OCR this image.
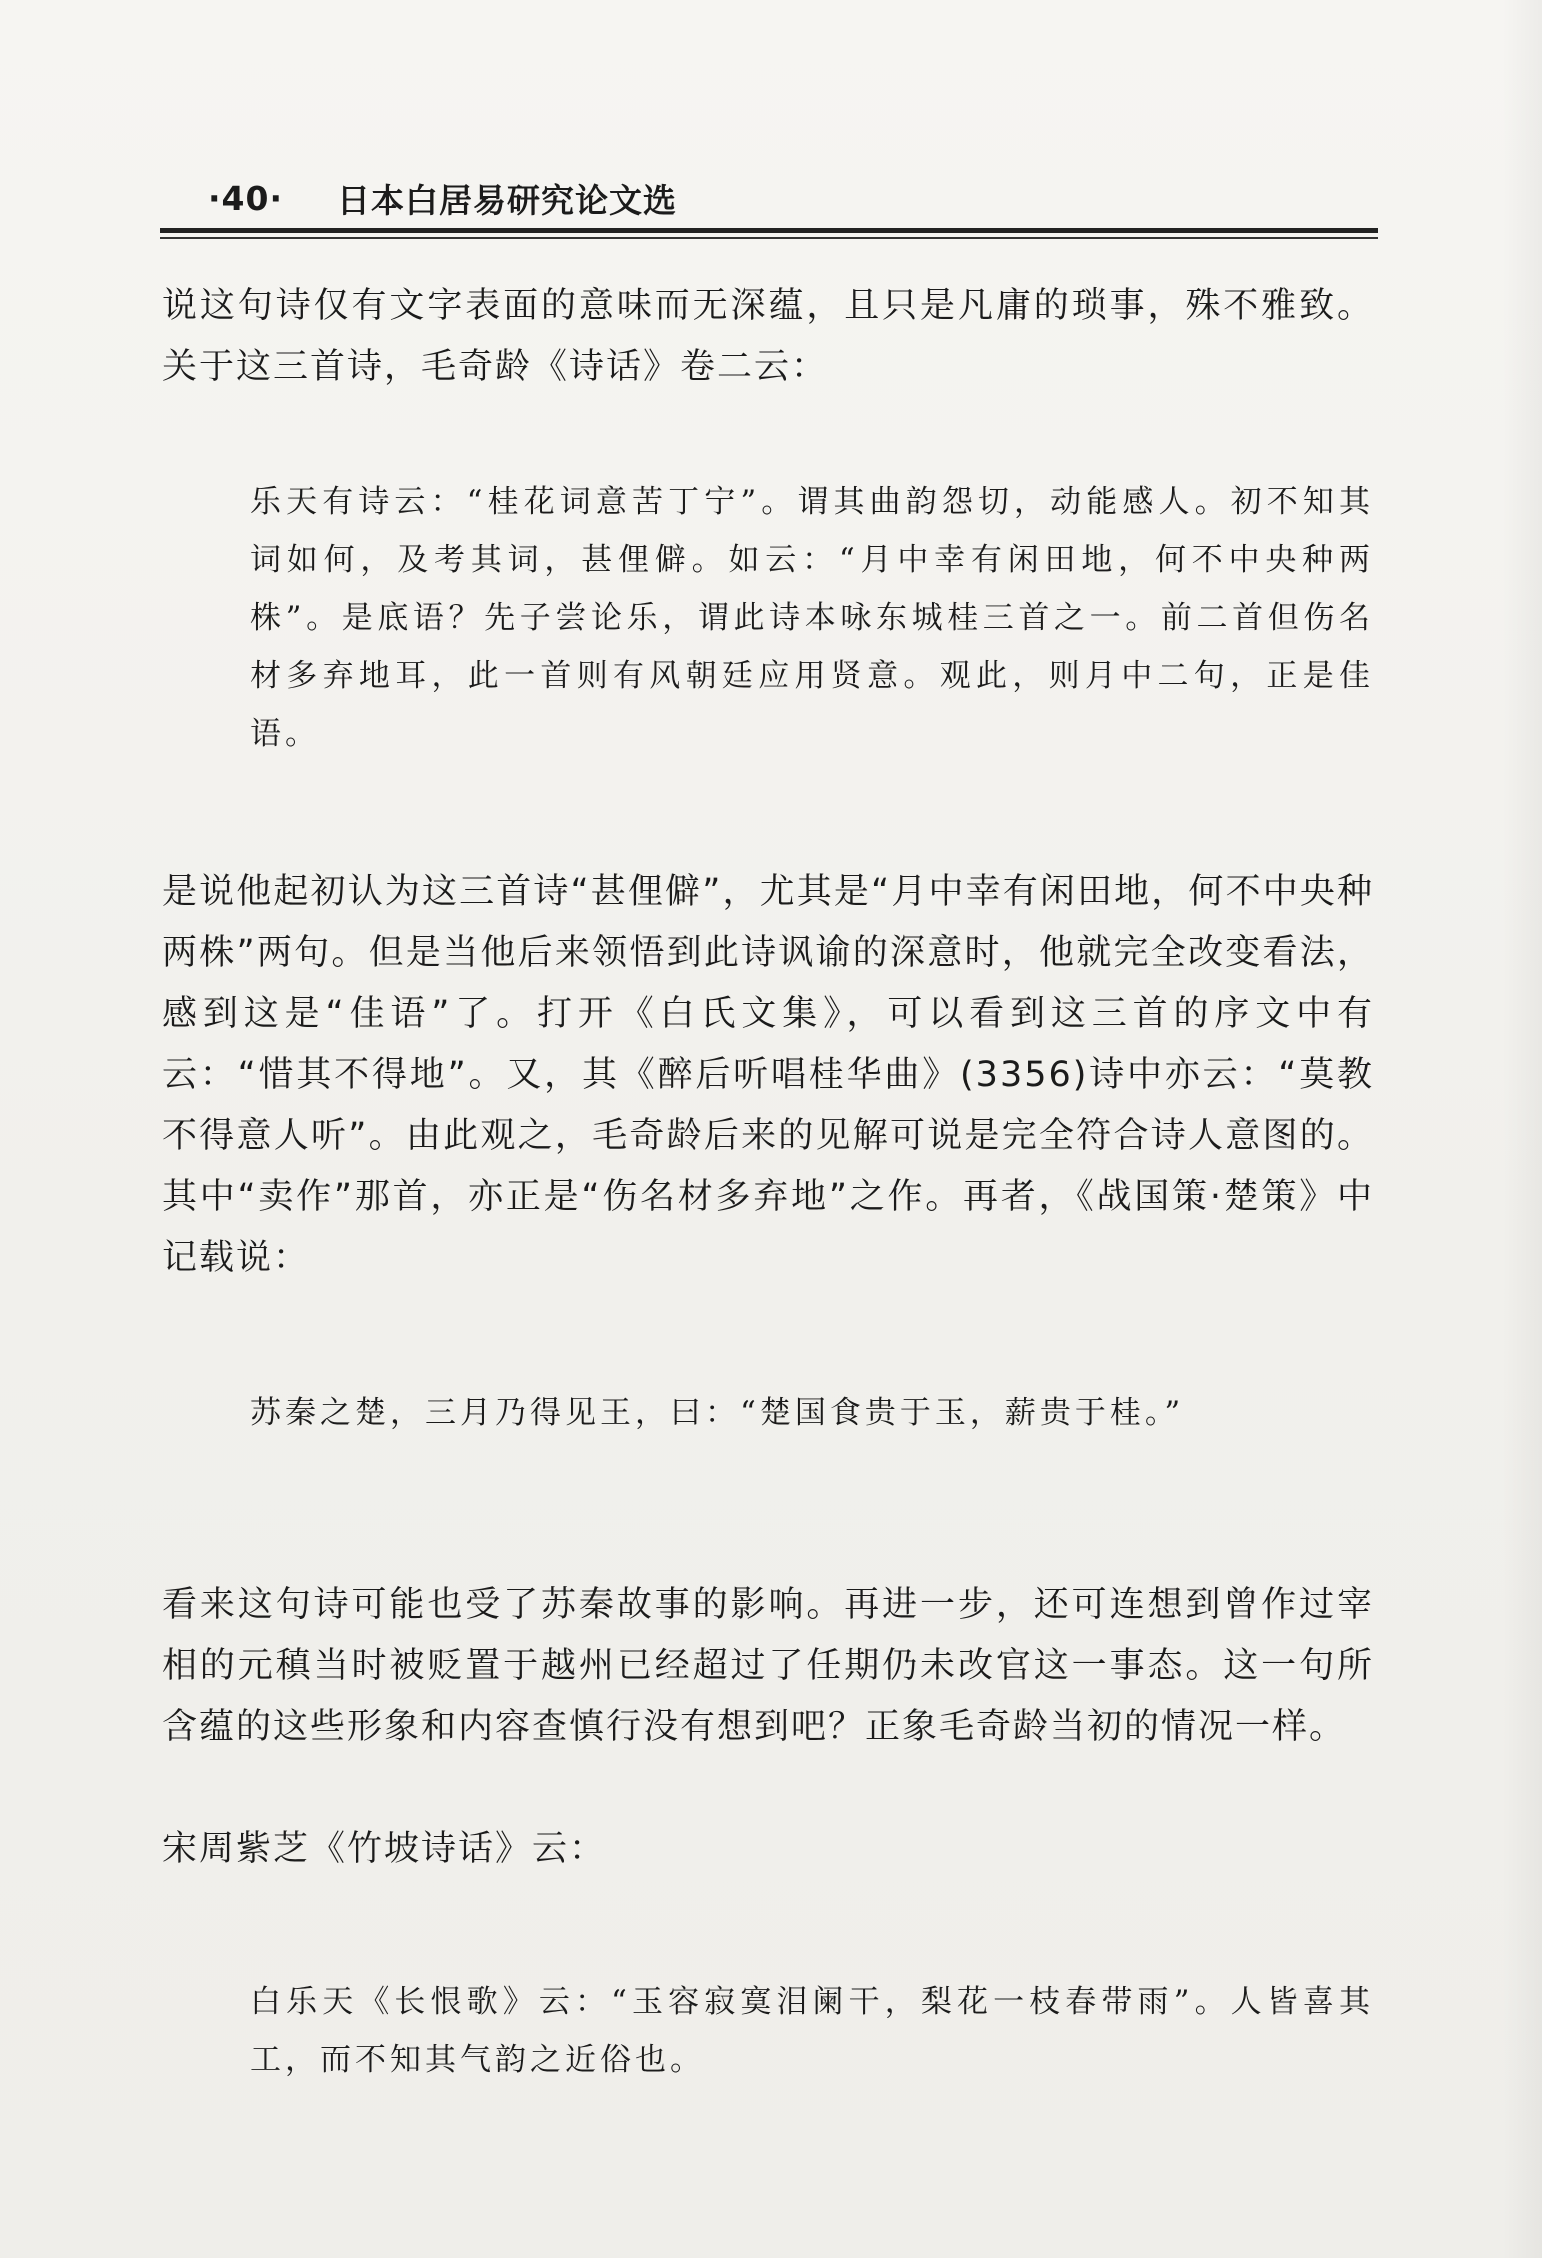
·40· 日本白居易研究论文选

说这句诗仅有文字表面的意味而无深蕴，且只是凡庸的琐事，殊不雅致。关于这三首诗，毛奇龄《诗话》卷二云：

乐天有诗云：“桂花词意苦丁宁”。谓其曲韵怨切，动能感人。初不知其词如何，及考其词，甚俚僻。如云：“月中幸有闲田地，何不中央种两株”。是底语？先子尝论乐，谓此诗本咏东城桂三首之一。前二首但伤名材多弃地耳，此一首则有风朝廷应用贤意。观此，则月中二句，正是佳语。

是说他起初认为这三首诗“甚俚僻”，尤其是“月中幸有闲田地，何不中央种两株”两句。但是当他后来领悟到此诗讽谕的深意时，他就完全改变看法，感到这是“佳语”了。打开《白氏文集》，可以看到这三首的序文中有云：“惜其不得地”。又，其《醉后听唱桂华曲》(3356)诗中亦云：“莫教不得意人听”。由此观之，毛奇龄后来的见解可说是完全符合诗人意图的。其中“卖作”那首，亦正是“伤名材多弃地”之作。再者，《战国策·楚策》中记载说：

苏秦之楚，三月乃得见王，曰：“楚国食贵于玉，薪贵于桂。”

看来这句诗可能也受了苏秦故事的影响。再进一步，还可连想到曾作过宰相的元稹当时被贬置于越州已经超过了任期仍未改官这一事态。这一句所含蕴的这些形象和内容查慎行没有想到吧？正象毛奇龄当初的情况一样。

宋周紫芝《竹坡诗话》云：

白乐天《长恨歌》云：“玉容寂寞泪阑干，梨花一枝春带雨”。人皆喜其工，而不知其气韵之近俗也。
